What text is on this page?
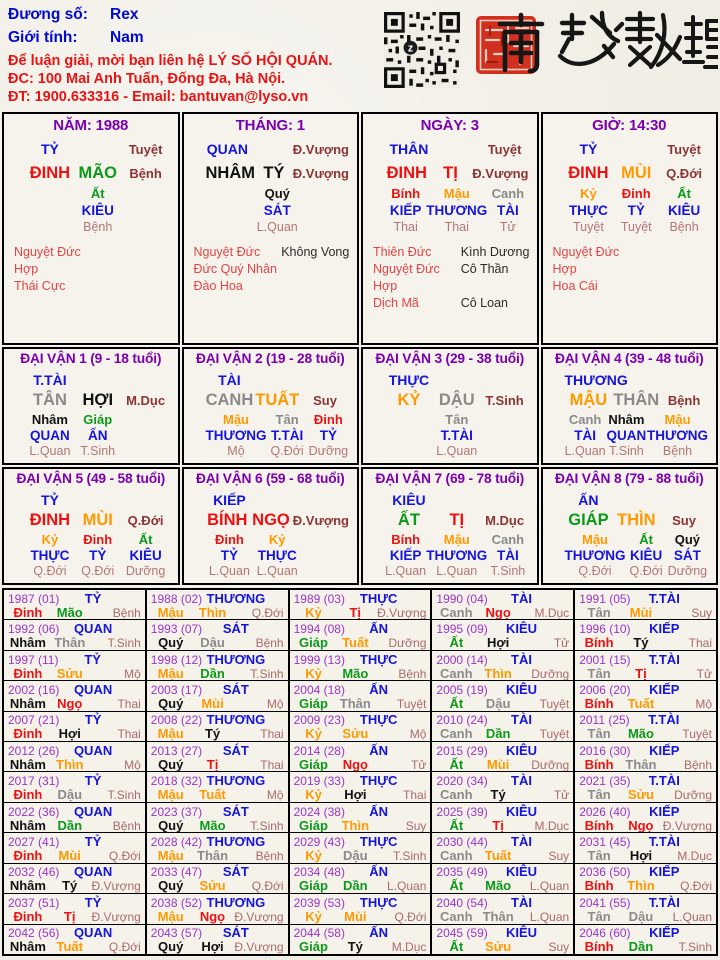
Đương số: Rex
Giới tính: Nam
Để luận giải, mời bạn liên hệ LÝ SỐ HỘI QUÁN.
ĐC: 100 Mai Anh Tuấn, Đống Đa, Hà Nội.
ĐT: 1900.633316 - Email: bantuvan@lyso.vn
z
NĂM: 1988
TỶ	Tuyệt
ĐINH MÃO Bệnh
Ất
KIÊU
Bệnh
Nguyệt Đức Hợp
Thái Cực
THÁNG: 1
QUAN	Đ.Vượng
NHÂM TÝ Đ.Vượng
Quý
SÁT
L.Quan
Nguyệt Đức	Không Vong
Đức Quý Nhân
Đào Hoa
NGÀY: 3
THÂN	Tuyệt
ĐINH TỊ	Đ.Vượng
Bính
KIẾP
Thai
Mậu
THƯƠNG
Thai
Canh
TÀI
Tử
Thiên Đức	Kình Dương
Nguyệt Đức Hợp
Cô Thần
Dịch Mã	Cô Loan
GIỜ: 14:30
TỶ	Tuyệt
ĐINH MÙI	Q.Đới
Kỷ
THỰC
Tuyệt
Đinh
TỶ
Tuyệt
Ất
KIÊU
Bệnh
Nguyệt Đức Hợp
Hoa Cái
ĐẠI VẬN 1 (9 - 18 tuổi)
T.TÀI
TÂN HỢI	M.Dục
Nhâm
QUAN
L.Quan
Giáp
ẤN
T.Sinh
ĐẠI VẬN 2 (19 - 28 tuổi)
TÀI
CANH TUẤT	Suy
Mậu
THƯƠNG
Mộ
Tân
T.TÀI
Q.Đới
Đinh
TỶ
Dưỡng
ĐẠI VẬN 3 (29 - 38 tuổi)
THỰC
KỶ	DẬU T.Sinh
Tân
T.TÀI
L.Quan
ĐẠI VẬN 4 (39 - 48 tuổi)
THƯƠNG
MẬU THÂN Bệnh
Canh
TÀI
L.Quan
Nhâm
QUAN
T.Sinh
Mậu
THƯƠNG
Bệnh
ĐẠI VẬN 5 (49 - 58 tuổi)
TỶ
ĐINH MÙI	Q.Đới
Kỷ
THỰC
Q.Đới
Đinh
TỶ
Q.Đới
Ất
KIÊU
Dưỡng
ĐẠI VẬN 6 (59 - 68 tuổi)
KIẾP
BÍNH NGỌ Đ.Vượng
Đinh
TỶ
L.Quan
Kỷ
THỰC
L.Quan
ĐẠI VẬN 7 (69 - 78 tuổi)
KIÊU
ẤT	TỊ	M.Dục
Bính
KIẾP
L.Quan
Mậu
THƯƠNG
L.Quan
Canh
TÀI
T.Sinh
ĐẠI VẬN 8 (79 - 88 tuổi)
ẤN
GIÁP THÌN	Suy
Mậu
THƯƠNG
Q.Đới
Ất
KIÊU
Q.Đới
Quý
SÁT
Dưỡng
1987 (01)	TỶ
Đinh	Mão	Bệnh
1988 (02) THƯƠNG
Mậu	Thìn	Q.Đới
1989 (03)	THỰC
Kỷ	Tị	Đ.Vượng
1990 (04)	TÀI
Canh Ngọ	M.Dục
1991 (05)	T.TÀI
Tân	Mùi	Suy
1992 (06)	QUAN
Nhâm Thân	T.Sinh
1993 (07)	SÁT
Quý	Dậu	Bệnh
1994 (08)	ẤN
Giáp	Tuất	Dưỡng
1995 (09)	KIÊU
Ất	Hợi	Tử
1996 (10)	KIẾP
Bính	Tý	Thai
1997 (11)	TỶ
Đinh	Sửu	Mộ
1998 (12) THƯƠNG
Mậu	Dần	T.Sinh
1999 (13)	THỰC
Kỷ	Mão	Bệnh
2000 (14)	TÀI
Canh Thìn	Dưỡng
2001 (15)	T.TÀI
Tân	Tị	Tử
2002 (16)	QUAN
Nhâm Ngọ	Thai
2003 (17)	SÁT
Quý	Mùi	Mộ
2004 (18)	ẤN
Giáp Thân	Tuyệt
2005 (19)	KIÊU
Ất	Dậu	Tuyệt
2006 (20)	KIẾP
Bính	Tuất	Mộ
2007 (21)	TỶ
Đinh	Hợi	Thai
2008 (22) THƯƠNG
Mậu	Tý	Thai
2009 (23)	THỰC
Kỷ	Sửu	Mộ
2010 (24)	TÀI
Canh	Dần	Tuyệt
2011 (25)	T.TÀI
Tân	Mão	Tuyệt
2012 (26)	QUAN
Nhâm Thìn	Mộ
2013 (27)	SÁT
Quý	Tị	Thai
2014 (28)	ẤN
Giáp	Ngọ	Tử
2015 (29)	KIÊU
Ất	Mùi	Dưỡng
2016 (30)	KIẾP
Bính Thân	Bệnh
2017 (31)	TỶ
Đinh	Dậu	T.Sinh
2018 (32) THƯƠNG
Mậu	Tuất	Mộ
2019 (33)	THỰC
Kỷ	Hợi	Thai
2020 (34)	TÀI
Canh	Tý	Tử
2021 (35)	T.TÀI
Tân	Sửu	Dưỡng
2022 (36)	QUAN
Nhâm Dần	Bệnh
2023 (37)	SÁT
Quý	Mão	T.Sinh
2024 (38)	ẤN
Giáp	Thìn	Suy
2025 (39)	KIÊU
Ất	Tị	M.Dục
2026 (40)	KIẾP
Bính	Ngọ Đ.Vượng
2027 (41)	TỶ
Đinh	Mùi	Q.Đới
2028 (42) THƯƠNG
Mậu	Thân	Bệnh
2029 (43)	THỰC
Kỷ	Dậu	T.Sinh
2030 (44)	TÀI
Canh Tuất	Suy
2031 (45)	T.TÀI
Tân	Hợi	M.Dục
2032 (46)	QUAN
Nhâm	Tý	Đ.Vượng
2033 (47)	SÁT
Quý	Sửu	Q.Đới
2034 (48)	ẤN
Giáp	Dần	L.Quan
2035 (49)	KIÊU
Ất	Mão	L.Quan
2036 (50)	KIẾP
Bính	Thìn	Q.Đới
2037 (51)	TỶ
Đinh	Tị	Đ.Vượng
2038 (52) THƯƠNG
Mậu	Ngọ Đ.Vượng
2039 (53)	THỰC
Kỷ	Mùi	Q.Đới
2040 (54)	TÀI
Canh Thân	L.Quan
2041 (55)	T.TÀI
Tân	Dậu	L.Quan
2042 (56)	QUAN
Nhâm Tuất	Q.Đới
2043 (57)	SÁT
Quý	Hợi Đ.Vượng
2044 (58)	ẤN
Giáp	Tý	M.Dục
2045 (59)	KIÊU
Ất	Sửu	Suy
2046 (60)	KIẾP
Bính	Dần	T.Sinh
